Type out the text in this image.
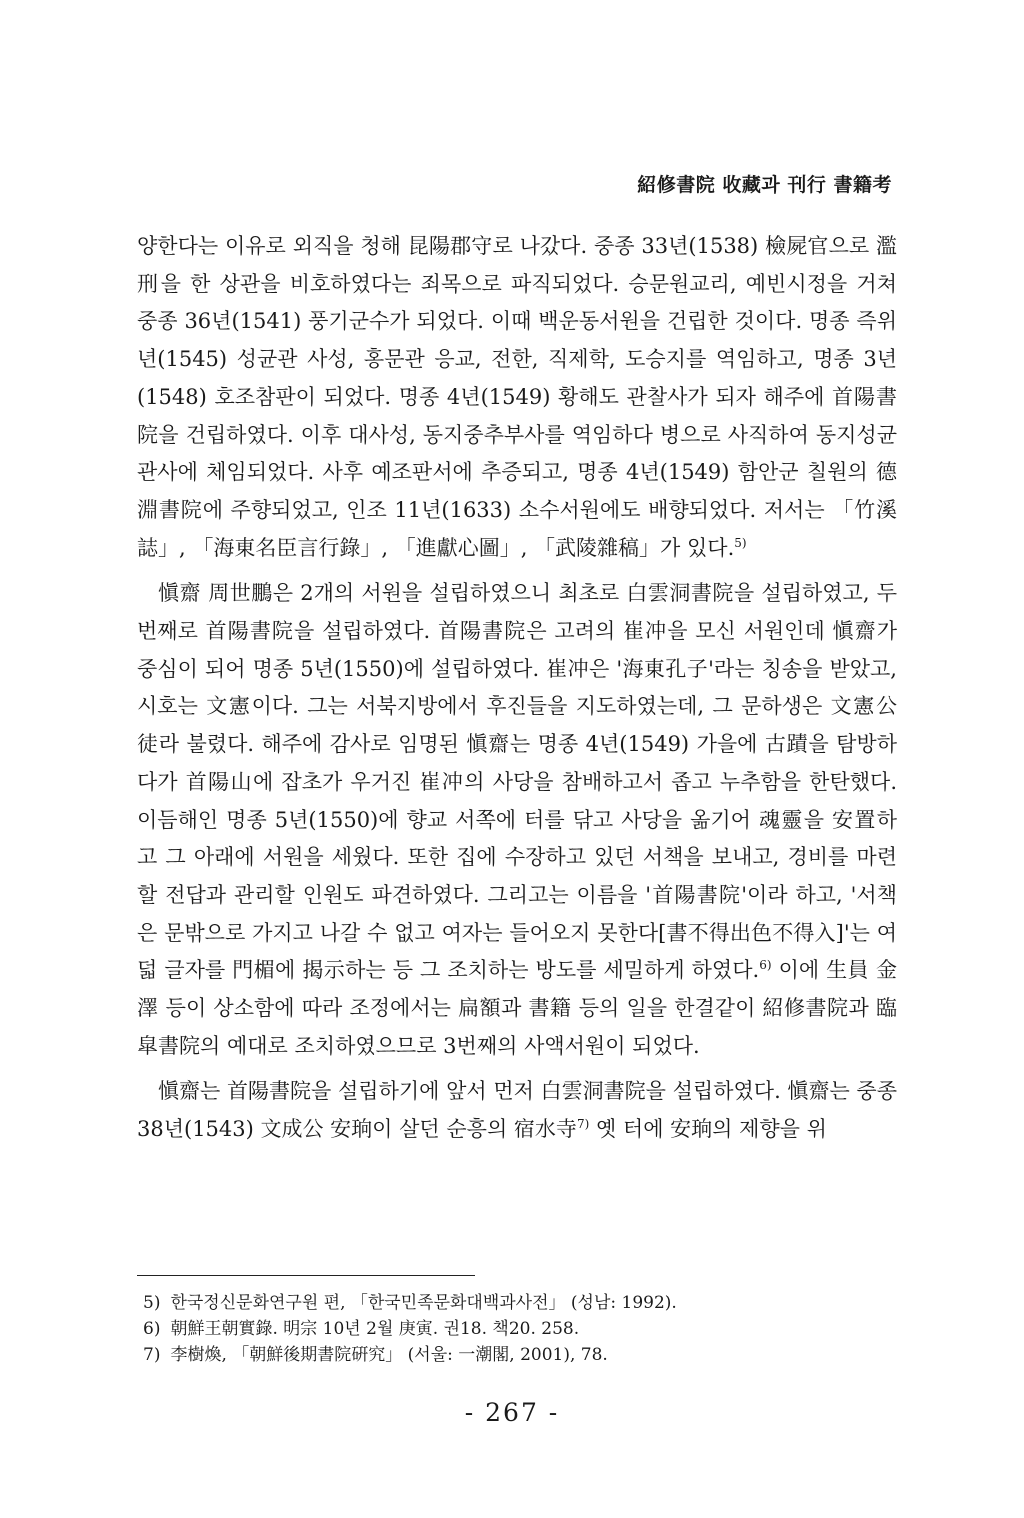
紹修書院 收藏과 刊行 書籍考

양한다는 이유로 외직을 청해 昆陽郡守로 나갔다. 중종 33년(1538) 檢屍官으로 濫刑을 한 상관을 비호하였다는 죄목으로 파직되었다. 승문원교리, 예빈시정을 거쳐 중종 36년(1541) 풍기군수가 되었다. 이때 백운동서원을 건립한 것이다. 명종 즉위년(1545) 성균관 사성, 홍문관 응교, 전한, 직제학, 도승지를 역임하고, 명종 3년(1548) 호조참판이 되었다. 명종 4년(1549) 황해도 관찰사가 되자 해주에 首陽書院을 건립하였다. 이후 대사성, 동지중추부사를 역임하다 병으로 사직하여 동지성균관사에 체임되었다. 사후 예조판서에 추증되고, 명종 4년(1549) 함안군 칠원의 德淵書院에 주향되었고, 인조 11년(1633) 소수서원에도 배향되었다. 저서는 「竹溪誌」, 「海東名臣言行錄」, 「進獻心圖」, 「武陵雜稿」가 있다.$^{5)}$

愼齋 周世鵬은 2개의 서원을 설립하였으니 최초로 白雲洞書院을 설립하였고, 두 번째로 首陽書院을 설립하였다. 首陽書院은 고려의 崔冲을 모신 서원인데 愼齋가 중심이 되어 명종 5년(1550)에 설립하였다. 崔冲은 '海東孔子'라는 칭송을 받았고, 시호는 文憲이다. 그는 서북지방에서 후진들을 지도하였는데, 그 문하생은 文憲公徒라 불렸다. 해주에 감사로 임명된 愼齋는 명종 4년(1549) 가을에 古蹟을 탐방하다가 首陽山에 잡초가 우거진 崔冲의 사당을 참배하고서 좁고 누추함을 한탄했다. 이듬해인 명종 5년(1550)에 향교 서쪽에 터를 닦고 사당을 옮기어 魂靈을 安置하고 그 아래에 서원을 세웠다. 또한 집에 수장하고 있던 서책을 보내고, 경비를 마련할 전답과 관리할 인원도 파견하였다. 그리고는 이름을 '首陽書院'이라 하고, '서책은 문밖으로 가지고 나갈 수 없고 여자는 들어오지 못한다[書不得出色不得入]'는 여덟 글자를 門楣에 揭示하는 등 그 조치하는 방도를 세밀하게 하였다.$^{6)}$ 이에 生員 金澤 등이 상소함에 따라 조정에서는 扁額과 書籍 등의 일을 한결같이 紹修書院과 臨皐書院의 예대로 조치하였으므로 3번째의 사액서원이 되었다.

愼齋는 首陽書院을 설립하기에 앞서 먼저 白雲洞書院을 설립하였다. 愼齋는 중종 38년(1543) 文成公 安珦이 살던 순흥의 宿水寺$^{7)}$ 옛 터에 安珦의 제향을 위

5) 한국정신문화연구원 편, 「한국민족문화대백과사전」 (성남: 1992).
6) 朝鮮王朝實錄. 明宗 10년 2월 庚寅. 권18. 책20. 258.
7) 李樹煥, 「朝鮮後期書院硏究」 (서울: 一潮閣, 2001), 78.
- 267 -
